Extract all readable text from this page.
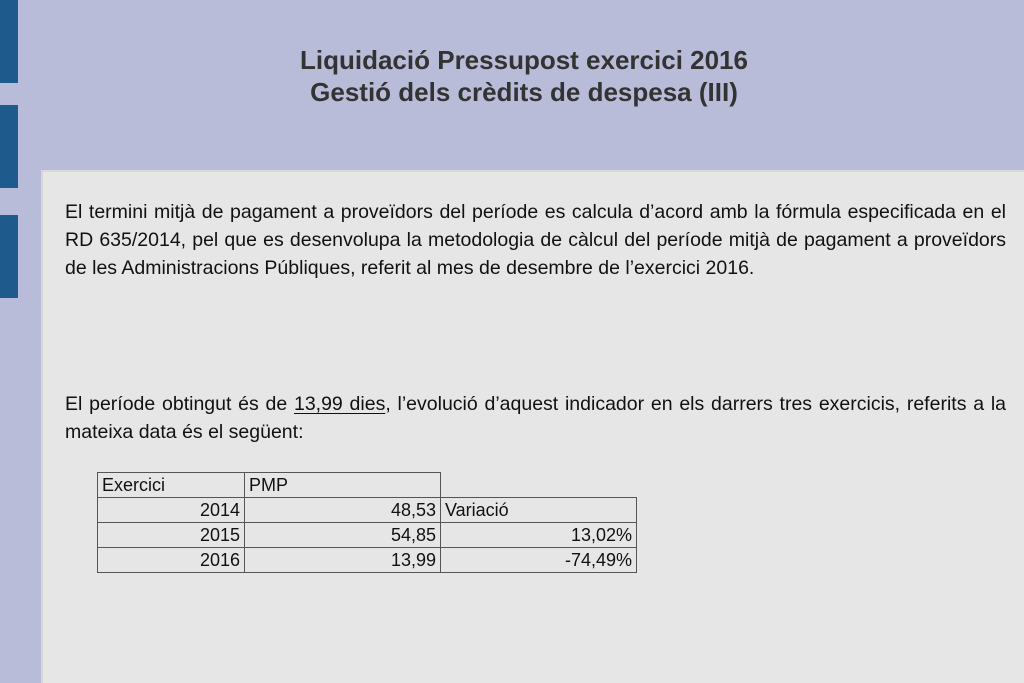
Liquidació Pressupost exercici 2016
Gestió dels crèdits de despesa (III)
El termini mitjà de pagament a proveïdors del període es calcula d’acord amb la fórmula especificada en el RD 635/2014, pel que es desenvolupa la metodologia de càlcul del període mitjà de pagament a proveïdors de les Administracions Públiques, referit al mes de desembre de l’exercici 2016.
El període obtingut és de 13,99 dies, l’evolució d’aquest indicador en els darrers tres exercicis, referits a la mateixa data és el següent:
Exercici	PMP	
2014	48,53	Variació
2015	54,85	13,02%
2016	13,99	-74,49%
